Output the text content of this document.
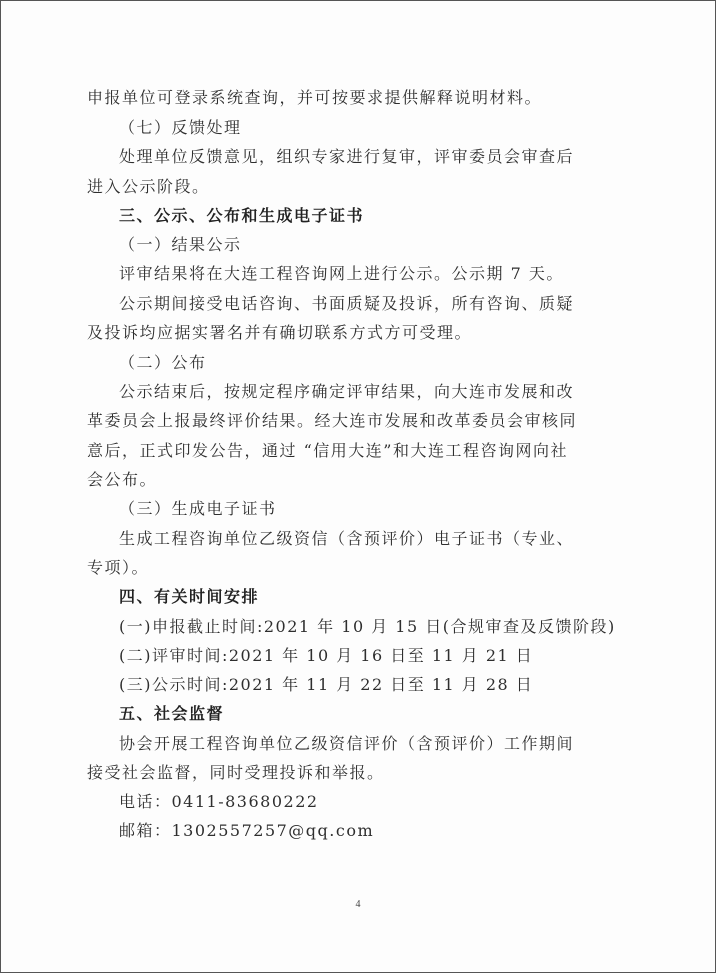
申报单位可登录系统查询，并可按要求提供解释说明材料。
（七）反馈处理
处理单位反馈意见，组织专家进行复审，评审委员会审查后
进入公示阶段。
三、公示、公布和生成电子证书
（一）结果公示
评审结果将在大连工程咨询网上进行公示。公示期 7 天。
公示期间接受电话咨询、书面质疑及投诉，所有咨询、质疑
及投诉均应据实署名并有确切联系方式方可受理。
（二）公布
公示结束后，按规定程序确定评审结果，向大连市发展和改
革委员会上报最终评价结果。经大连市发展和改革委员会审核同
意后，正式印发公告，通过 “信用大连”和大连工程咨询网向社
会公布。
（三）生成电子证书
生成工程咨询单位乙级资信（含预评价）电子证书（专业、
专项）。
四、有关时间安排
(一)申报截止时间:2021 年 10 月 15 日(合规审查及反馈阶段)
(二)评审时间:2021 年 10 月 16 日至 11 月 21 日
(三)公示时间:2021 年 11 月 22 日至 11 月 28 日
五、社会监督
协会开展工程咨询单位乙级资信评价（含预评价）工作期间
接受社会监督，同时受理投诉和举报。
电话：0411-83680222
邮箱：1302557257@qq.com
4
